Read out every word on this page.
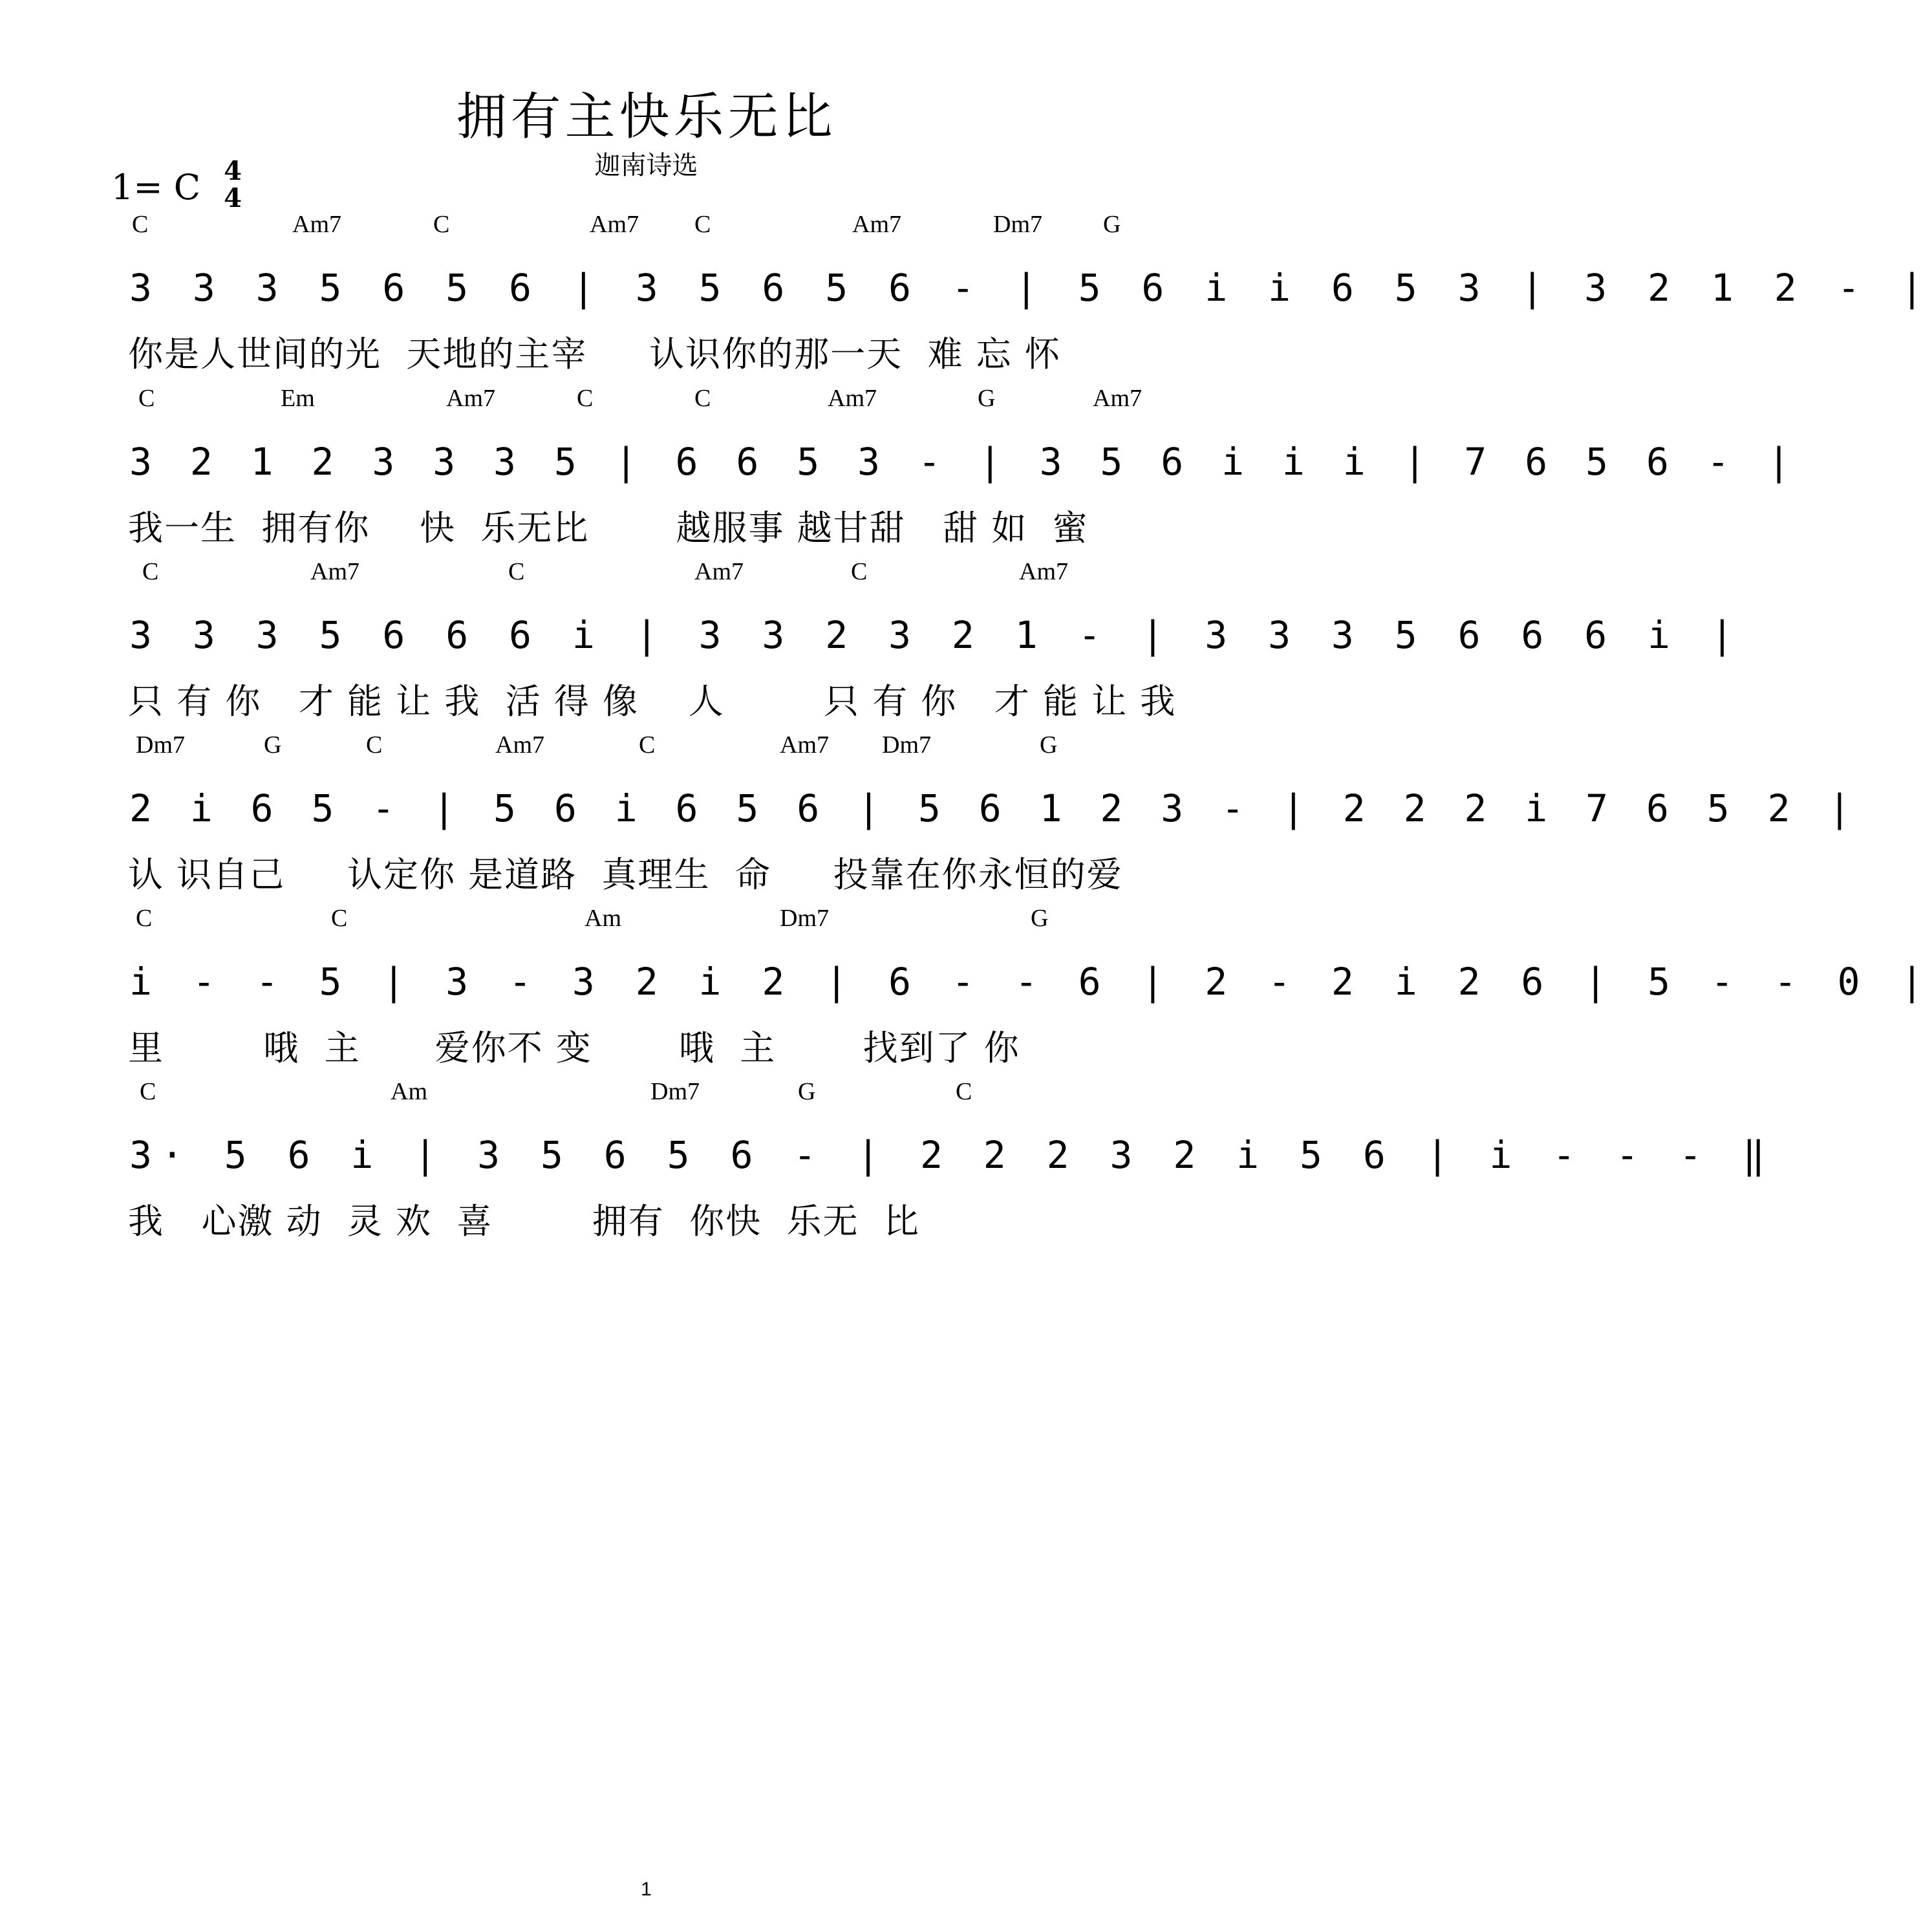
拥有主快乐无比
迦南诗选
1= C 4
4
C	Am7	C	Am7 C	Am7	Dm7 G
3 3 3 5 6 5 6 | 3 5 6 5 6 - | 5 6 i i 6 5 3 | 3 2 1 2 - |
你是人世间的光  天地的主宰     认识你的那一天  难 忘 怀
C	Em	Am7	C	C	Am7	G	Am7
3 2 1 2 3 3 3 5 | 6 6 5 3 - | 3 5 6 i i i | 7 6 5 6 - |
我一生  拥有你    快  乐无比       越服事 越甘甜   甜 如  蜜
C	Am7	C	Am7	C	Am7
3 3 3 5 6 6 6 i | 3 3 2 3 2 1 - | 3 3 3 5 6 6 6 i |
只 有 你   才 能 让 我  活 得 像    人        只 有 你   才 能 让 我
Dm7	G	C	Am7	C	Am7 Dm7	G
2 i 6 5 - | 5 6 i 6 5 6 | 5 6 1 2 3 - | 2 2 2 i 7 6 5 2 |
认 识自己     认定你 是道路  真理生  命     投靠在你永恒的爱
C	C	Am	Dm7	G
i - - 5 | 3 - 3 2 i 2 | 6 - - 6 | 2 - 2 i 2 6 | 5 - - 0 |
里        哦  主      爱你不 变       哦  主       找到了 你
C	Am	Dm7	G	C
3· 5 6 i | 3 5 6 5 6 - | 2 2 2 3 2 i 5 6 | i - - - ‖
我   心激 动  灵 欢  喜        拥有  你快  乐无  比
1
